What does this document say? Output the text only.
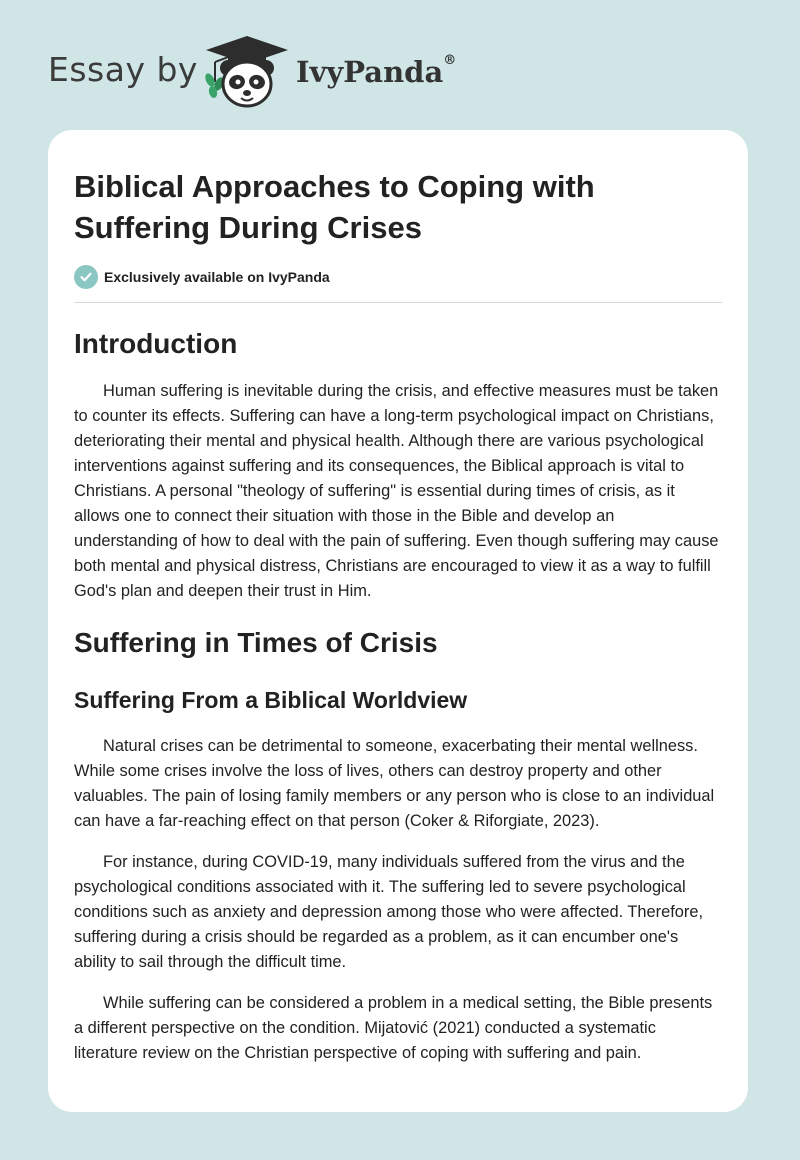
Essay by	IvyPanda®
Biblical Approaches to Coping with Suffering During Crises
Exclusively available on IvyPanda
Introduction

Human suffering is inevitable during the crisis, and effective measures must be taken to counter its effects. Suffering can have a long-term psychological impact on Christians, deteriorating their mental and physical health. Although there are various psychological interventions against suffering and its consequences, the Biblical approach is vital to Christians. A personal "theology of suffering" is essential during times of crisis, as it allows one to connect their situation with those in the Bible and develop an understanding of how to deal with the pain of suffering. Even though suffering may cause both mental and physical distress, Christians are encouraged to view it as a way to fulfill God's plan and deepen their trust in Him.

Suffering in Times of Crisis
Suffering From a Biblical Worldview

Natural crises can be detrimental to someone, exacerbating their mental wellness. While some crises involve the loss of lives, others can destroy property and other valuables. The pain of losing family members or any person who is close to an individual can have a far-reaching effect on that person (Coker & Riforgiate, 2023).

For instance, during COVID-19, many individuals suffered from the virus and the psychological conditions associated with it. The suffering led to severe psychological conditions such as anxiety and depression among those who were affected. Therefore, suffering during a crisis should be regarded as a problem, as it can encumber one's ability to sail through the difficult time.

While suffering can be considered a problem in a medical setting, the Bible presents a different perspective on the condition. Mijatović (2021) conducted a systematic literature review on the Christian perspective of coping with suffering and pain.
